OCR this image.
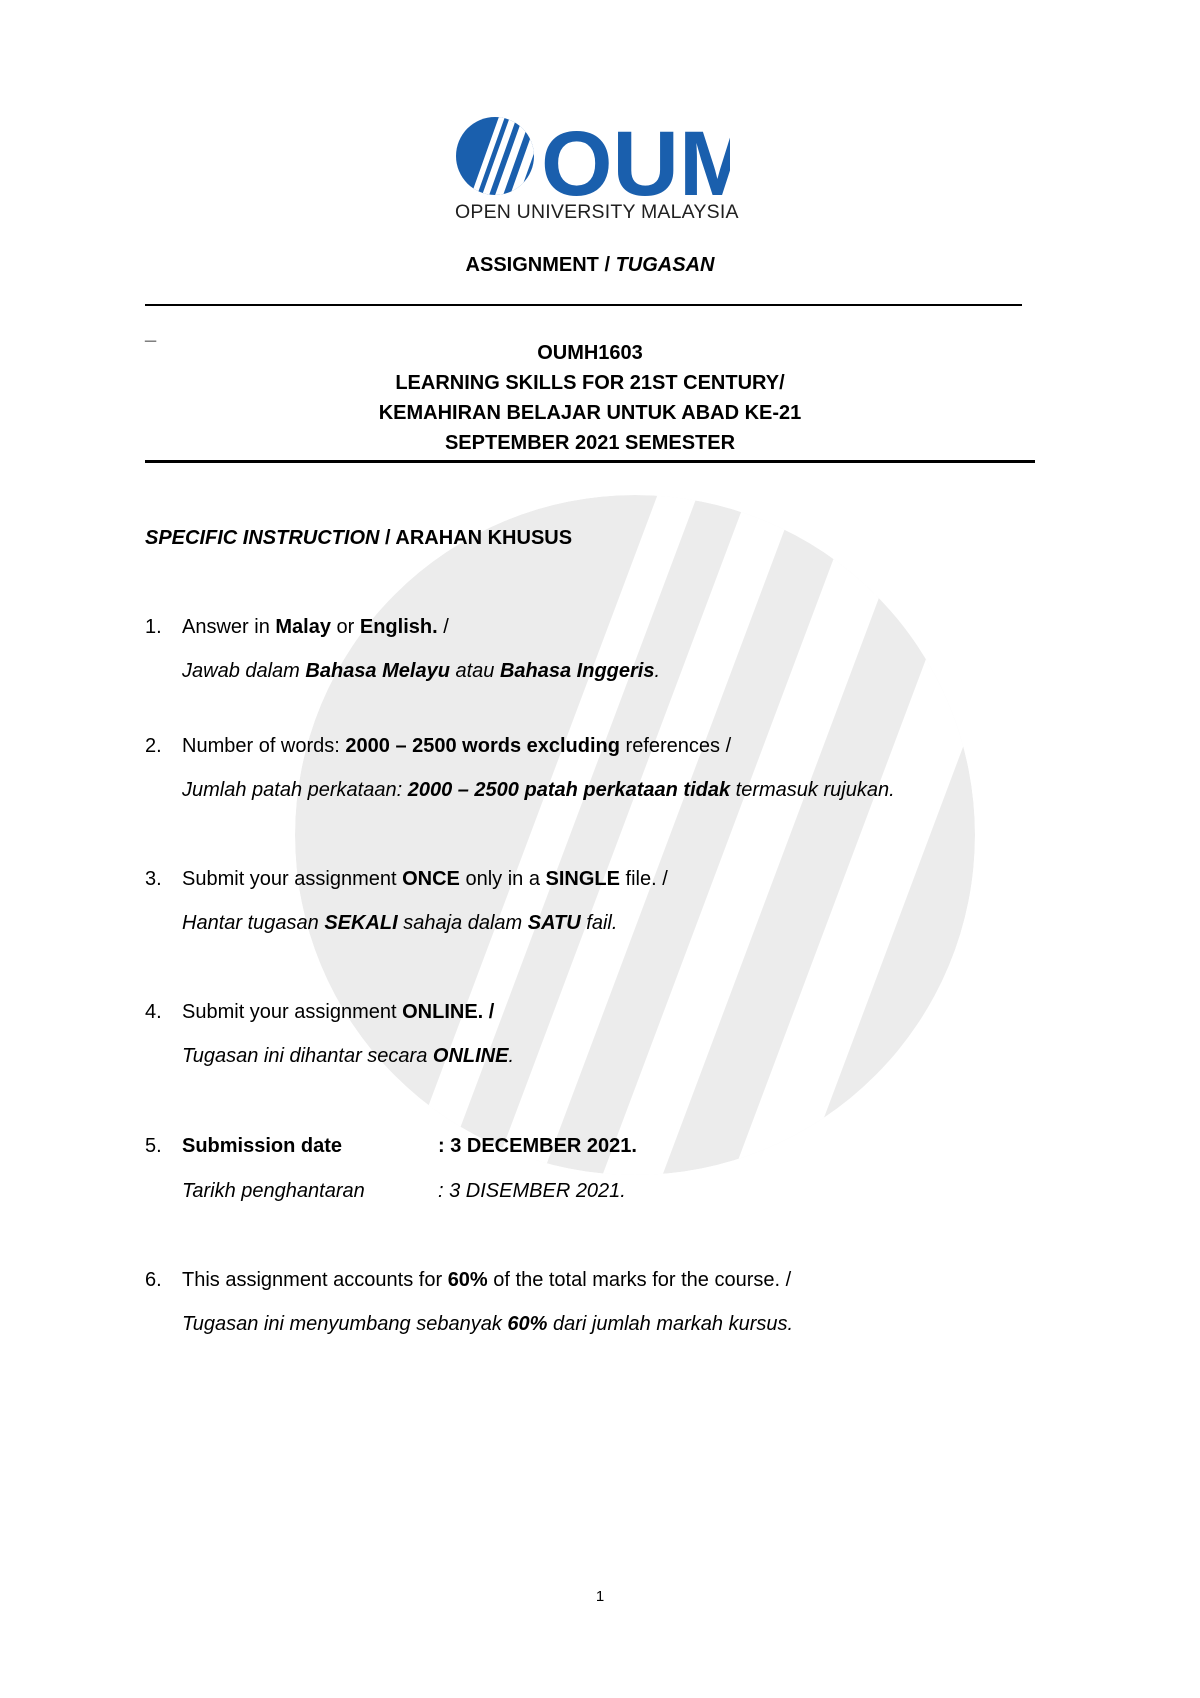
OUM
OPEN UNIVERSITY MALAYSIA
ASSIGNMENT / TUGASAN
_
OUMH1603
LEARNING SKILLS FOR 21ST CENTURY/
KEMAHIRAN BELAJAR UNTUK ABAD KE-21
SEPTEMBER 2021 SEMESTER
SPECIFIC INSTRUCTION / ARAHAN KHUSUS
1. Answer in Malay or English. /
Jawab dalam Bahasa Melayu atau Bahasa Inggeris.
2. Number of words: 2000 – 2500 words excluding references /
Jumlah patah perkataan: 2000 – 2500 patah perkataan tidak termasuk rujukan.
3. Submit your assignment ONCE only in a SINGLE file. /
Hantar tugasan SEKALI sahaja dalam SATU fail.
4. Submit your assignment ONLINE. /
Tugasan ini dihantar secara ONLINE.
5. Submission date	: 3 DECEMBER 2021.
Tarikh penghantaran	: 3 DISEMBER 2021.
6. This assignment accounts for 60% of the total marks for the course. /
Tugasan ini menyumbang sebanyak 60% dari jumlah markah kursus.
1
